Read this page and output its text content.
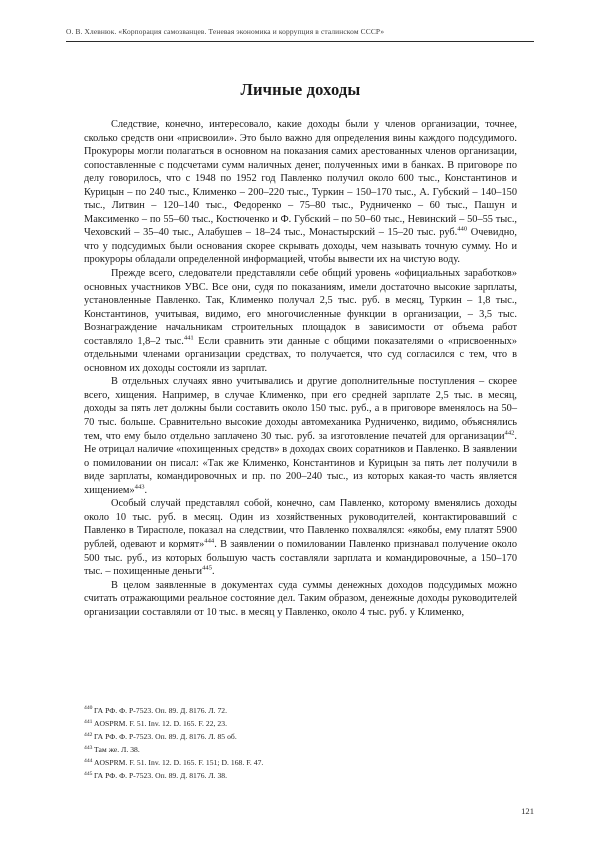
О. В. Хлевнюк. «Корпорация самозванцев. Теневая экономика и коррупция в сталинском СССР»
Личные доходы

Следствие, конечно, интересовало, какие доходы были у членов организации, точнее, сколько средств они «присвоили». Это было важно для определения вины каждого подсудимого. Прокуроры могли полагаться в основном на показания самих арестованных членов организации, сопоставленные с подсчетами сумм наличных денег, полученных ими в банках. В приговоре по делу говорилось, что с 1948 по 1952 год Павленко получил около 600 тыс., Константинов и Курицын – по 240 тыс., Клименко – 200–220 тыс., Туркин – 150–170 тыс., А. Губский – 140–150 тыс., Литвин – 120–140 тыс., Федоренко – 75–80 тыс., Рудниченко – 60 тыс., Пашун и Максименко – по 55–60 тыс., Костюченко и Ф. Губский – по 50–60 тыс., Невинский – 50–55 тыс., Чеховский – 35–40 тыс., Алабушев – 18–24 тыс., Монастырский – 15–20 тыс. руб.$^{440}$ Очевидно, что у подсудимых были основания скорее скрывать доходы, чем называть точную сумму. Но и прокуроры обладали определенной информацией, чтобы вывести их на чистую воду.

Прежде всего, следователи представляли себе общий уровень «официальных заработков» основных участников УВС. Все они, судя по показаниям, имели достаточно высокие зарплаты, установленные Павленко. Так, Клименко получал 2,5 тыс. руб. в месяц, Туркин – 1,8 тыс., Константинов, учитывая, видимо, его многочисленные функции в организации, – 3,5 тыс. Вознаграждение начальникам строительных площадок в зависимости от объема работ составляло 1,8–2 тыс.$^{441}$ Если сравнить эти данные с общими показателями о «присвоенных» отдельными членами организации средствах, то получается, что суд согласился с тем, что в основном их доходы состояли из зарплат.

В отдельных случаях явно учитывались и другие дополнительные поступления – скорее всего, хищения. Например, в случае Клименко, при его средней зарплате 2,5 тыс. в месяц, доходы за пять лет должны были составить около 150 тыс. руб., а в приговоре вменялось на 50–70 тыс. больше. Сравнительно высокие доходы автомеханика Рудниченко, видимо, объяснялись тем, что ему было отдельно заплачено 30 тыс. руб. за изготовление печатей для организации$^{442}$. Не отрицал наличие «похищенных средств» в доходах своих соратников и Павленко. В заявлении о помиловании он писал: «Так же Клименко, Константинов и Курицын за пять лет получили в виде зарплаты, командировочных и пр. по 200–240 тыс., из которых какая-то часть является хищением»$^{443}$.

Особый случай представлял собой, конечно, сам Павленко, которому вменялись доходы около 10 тыс. руб. в месяц. Один из хозяйственных руководителей, контактировавший с Павленко в Тирасполе, показал на следствии, что Павленко похвалялся: «якобы, ему платят 5900 рублей, одевают и кормят»$^{444}$. В заявлении о помиловании Павленко признавал получение около 500 тыс. руб., из которых большую часть составляли зарплата и командировочные, а 150–170 тыс. – похищенные деньги$^{445}$.

В целом заявленные в документах суда суммы денежных доходов подсудимых можно считать отражающими реальное состояние дел. Таким образом, денежные доходы руководителей организации составляли от 10 тыс. в месяц у Павленко, около 4 тыс. руб. у Клименко,

$^{440}$ ГА РФ. Ф. Р-7523. Оп. 89. Д. 8176. Л. 72.

$^{441}$ AOSPRM. F. 51. Inv. 12. D. 165. F. 22, 23.

$^{442}$ ГА РФ. Ф. Р-7523. Оп. 89. Д. 8176. Л. 85 об.

$^{443}$ Там же. Л. 38.

$^{444}$ AOSPRM. F. 51. Inv. 12. D. 165. F. 151; D. 168. F. 47.

$^{445}$ ГА РФ. Ф. Р-7523. Оп. 89. Д. 8176. Л. 38.

121
